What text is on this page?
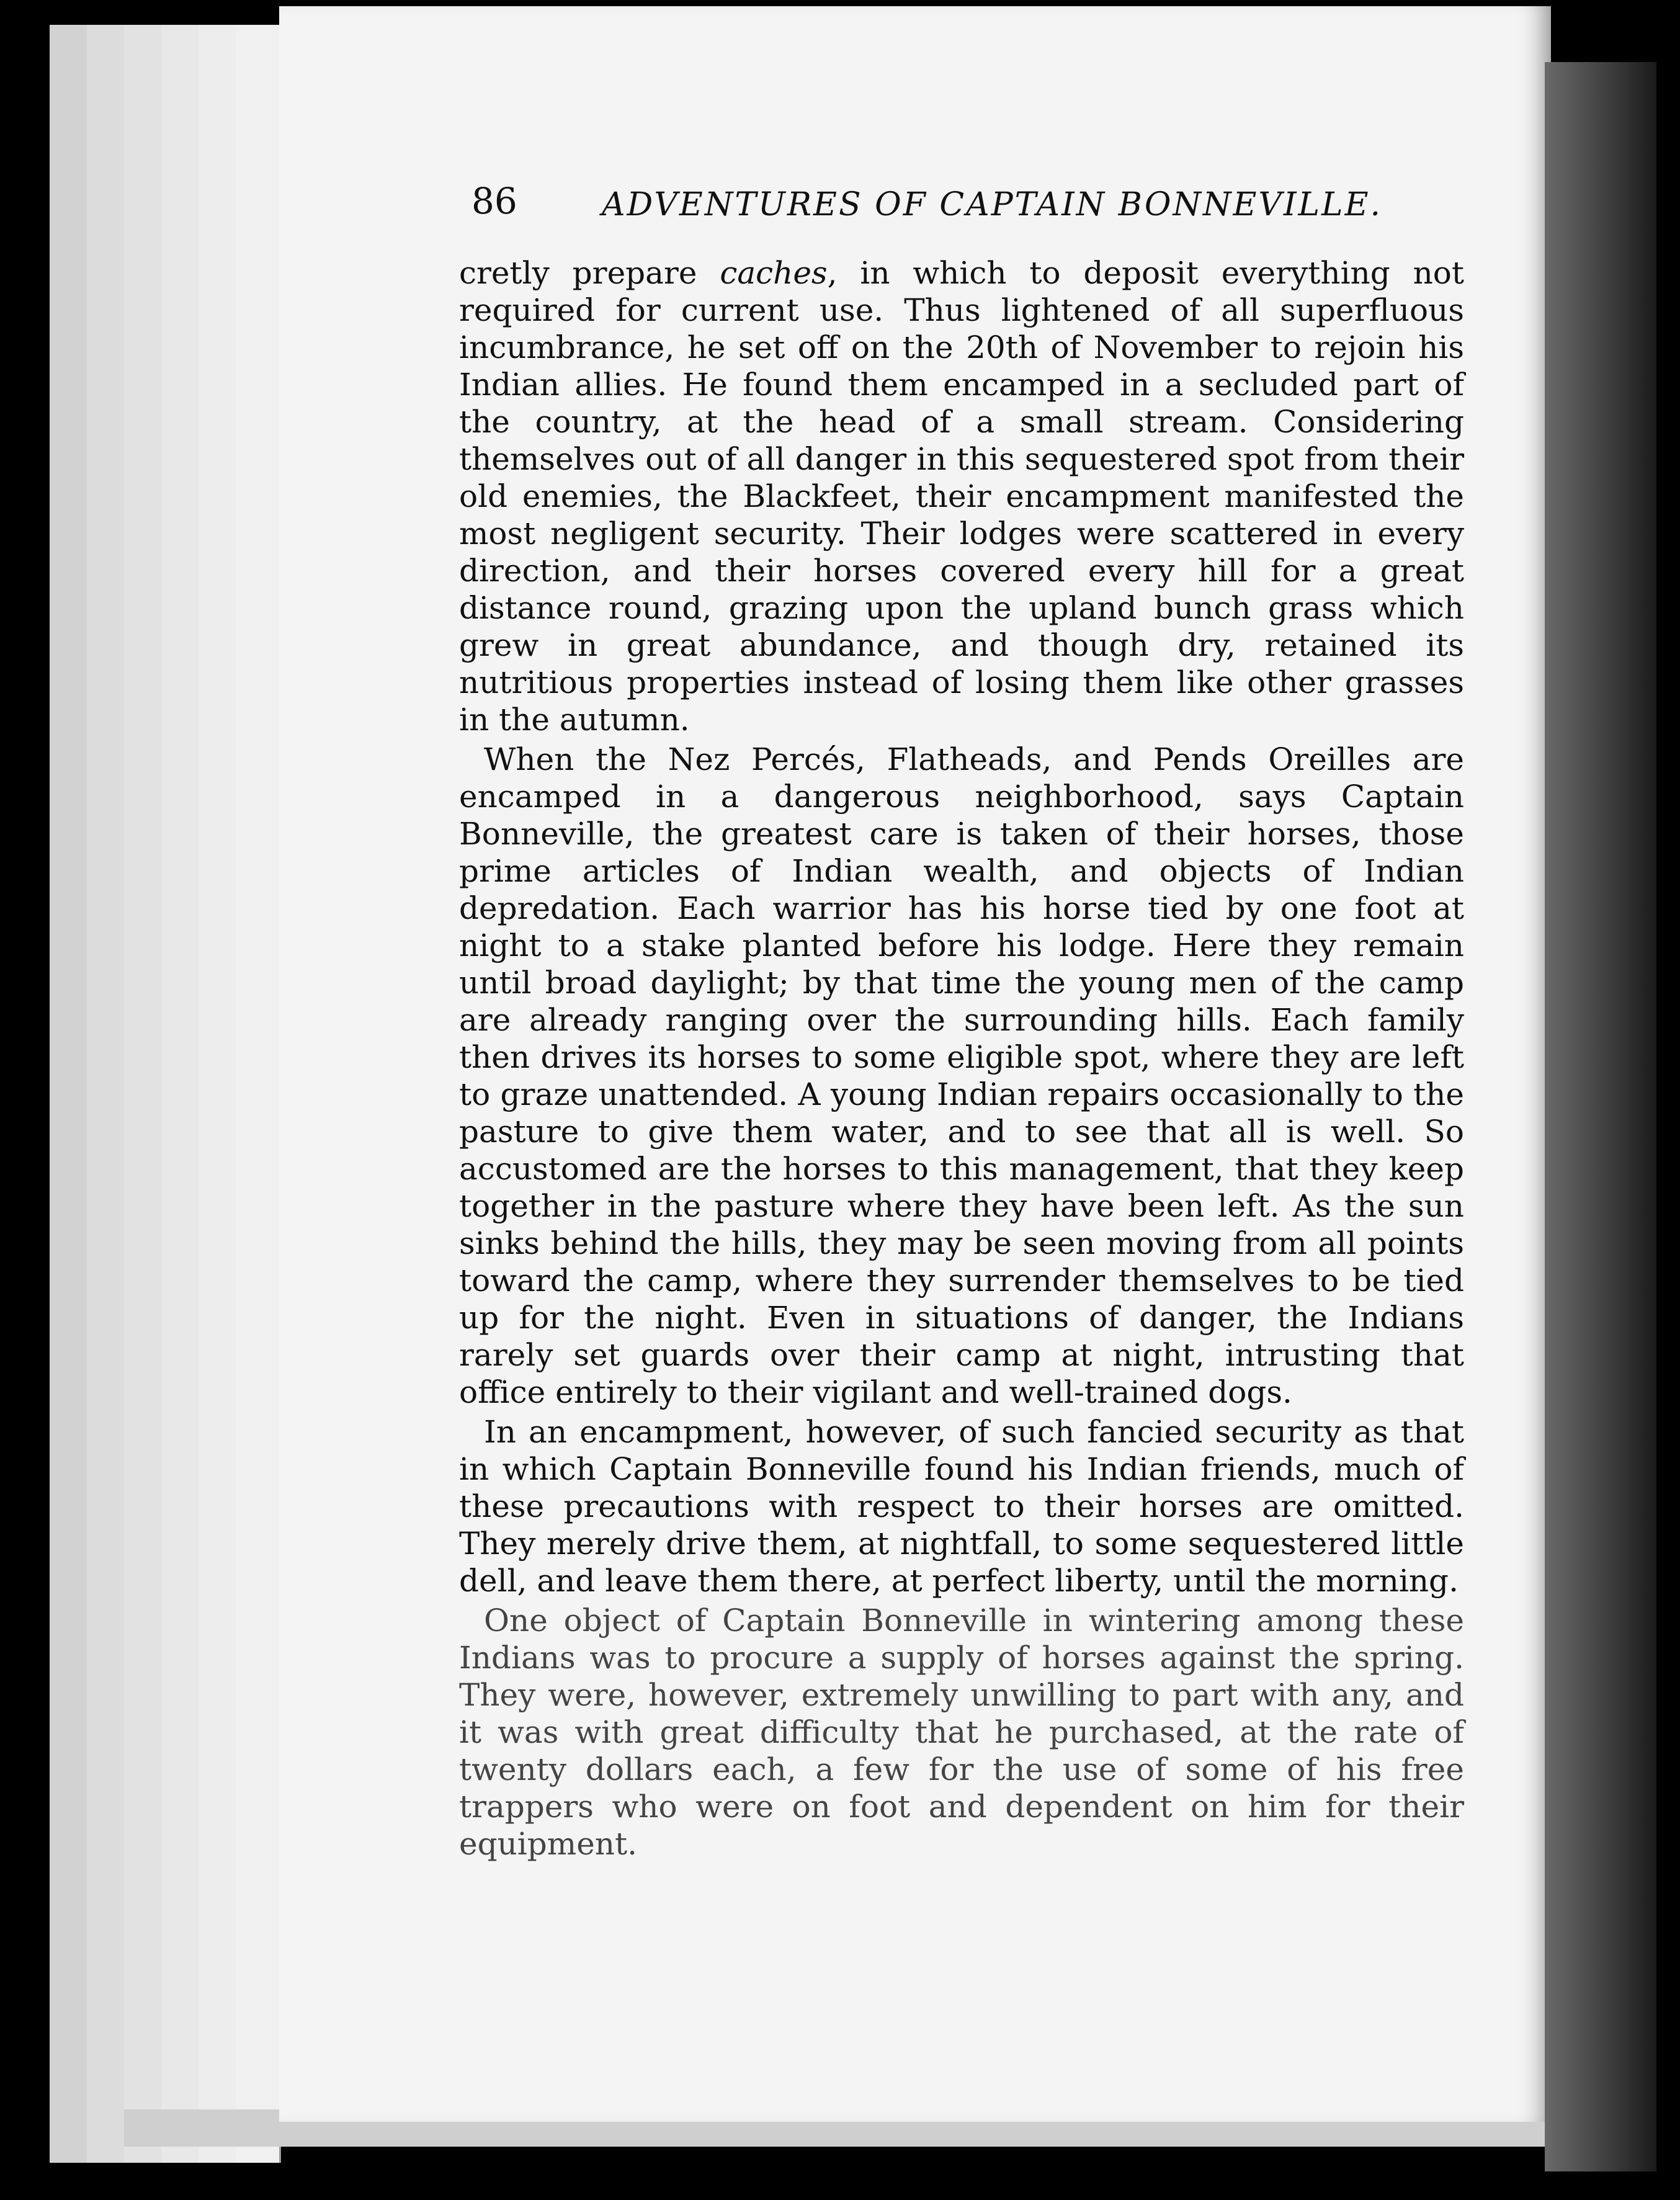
86	ADVENTURES OF CAPTAIN BONNEVILLE.

cretly prepare caches, in which to deposit everything not required for current use. Thus lightened of all superfluous incumbrance, he set off on the 20th of November to rejoin his Indian allies. He found them encamped in a secluded part of the country, at the head of a small stream. Considering themselves out of all danger in this sequestered spot from their old enemies, the Blackfeet, their encampment manifested the most negligent security. Their lodges were scattered in every direction, and their horses covered every hill for a great distance round, grazing upon the upland bunch grass which grew in great abundance, and though dry, retained its nutritious properties instead of losing them like other grasses in the autumn.

When the Nez Percés, Flatheads, and Pends Oreilles are encamped in a dangerous neighborhood, says Captain Bonneville, the greatest care is taken of their horses, those prime articles of Indian wealth, and objects of Indian depredation. Each warrior has his horse tied by one foot at night to a stake planted before his lodge. Here they remain until broad daylight; by that time the young men of the camp are already ranging over the surrounding hills. Each family then drives its horses to some eligible spot, where they are left to graze unattended. A young Indian repairs occasionally to the pasture to give them water, and to see that all is well. So accustomed are the horses to this management, that they keep together in the pasture where they have been left. As the sun sinks behind the hills, they may be seen moving from all points toward the camp, where they surrender themselves to be tied up for the night. Even in situations of danger, the Indians rarely set guards over their camp at night, intrusting that office entirely to their vigilant and well-trained dogs.

In an encampment, however, of such fancied security as that in which Captain Bonneville found his Indian friends, much of these precautions with respect to their horses are omitted. They merely drive them, at nightfall, to some sequestered little dell, and leave them there, at perfect liberty, until the morning.

One object of Captain Bonneville in wintering among these Indians was to procure a supply of horses against the spring. They were, however, extremely unwilling to part with any, and it was with great difficulty that he purchased, at the rate of twenty dollars each, a few for the use of some of his free trappers who were on foot and dependent on him for their equipment.
